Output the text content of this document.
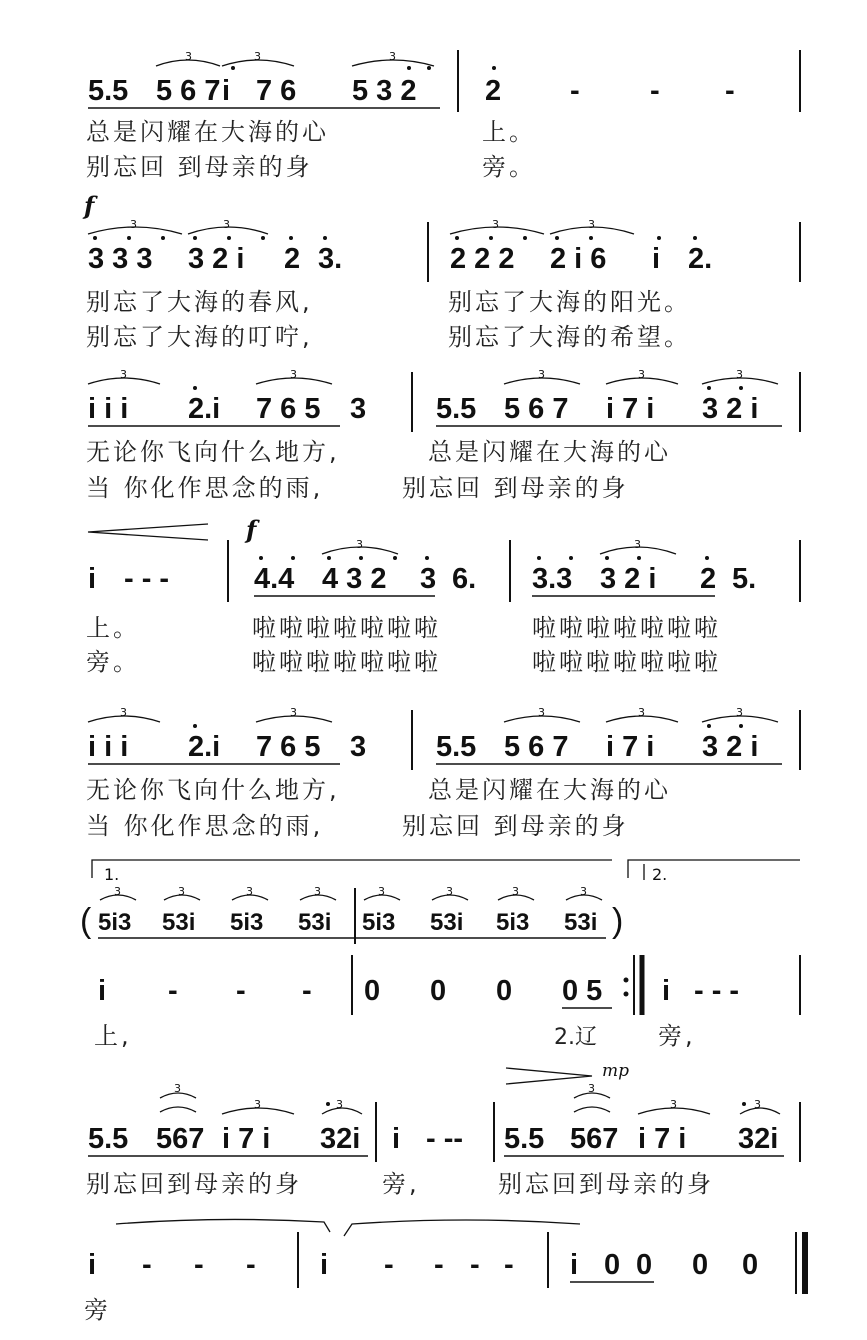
5.5 5 6 7 i 7 6 5 3 2
3	3	3
2 - - -
总是闪耀在大海的心	上。
别忘回 到母亲的身	旁。
f
3 3 3 3 2 i 2 3.
3	3
2 2 2 2 i 6 i 2.
3	3
别忘了大海的春风,	别忘了大海的阳光。
别忘了大海的叮咛,	别忘了大海的希望。
i i i 2.i 7 6 5 3
3	3
5.5 5 6 7 i 7 i 3 2 i
3	3	3
无论你飞向什么地方,	总是闪耀在大海的心
当 你化作思念的雨,	别忘回 到母亲的身
f
i - - -	4.4 4 3 2 3 6.
3
3.3 3 2 i 2 5.
3
上。	啦啦啦啦啦啦啦	啦啦啦啦啦啦啦
旁。	啦啦啦啦啦啦啦	啦啦啦啦啦啦啦
i i i 2.i 7 6 5 3
3	3
5.5 5 6 7 i 7 i 3 2 i
3	3	3
无论你飞向什么地方,	总是闪耀在大海的心
当 你化作思念的雨,	别忘回 到母亲的身
1.	2.
( 5i3 53i 5i3 53i 5i3 53i 5i3 53i )
3	3	3	3	3	3	3	3
i - - - 0 0 0 0 5 i - - -
上,	2.辽	旁,
mp
5.5 567 i 7 i 32i
3
3	3
i - -- 5.5 567 i 7 i 32i
3
3	3
别忘回到母亲的身	旁,	别忘回到母亲的身
i - - - i - - - - i 0 0 0 0
旁
